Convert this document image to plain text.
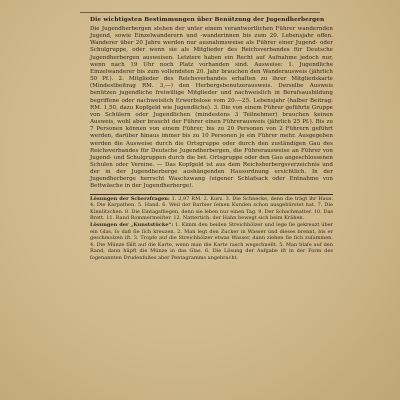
Die wichtigsten Bestimmungen über Benützung der Jugendherbergen

Die Jugendherbergen stehen der unter einem verantwortlichen Führer wandernden Jugend, sowie Einzelwanderern und -wanderinnen bis zum 20. Lebensjahr offen. Wanderer über 20 Jahre werden nur ausnahmsweise als Führer einer Jugend- oder Schulgruppe, oder wenn sie als Mitglieder des Reichsverbandes für Deutsche Jugendherbergen ausweisen. Letztere haben ein Recht auf Aufnahme jedoch nur, wenn nach 19 Uhr noch Platz vorhanden sind. Ausweise: 1. Jugendliche Einzelwanderer bis zum vollendeten 20. Jahr brauchen den Wanderausweis (jährlich 50 Pf.). 2. Mitglieder des Reichsverbandes erhalten zu ihrer Mitgliedskarte (Mindestbeitrag RM. 3,—) den Herbergsbenutzerausweis. Derselbe Ausweis benützen jugendliche freiwillige Mitglieder und nachweislich in Berufsausbildung begriffene oder nachweislich Erwerbslose vom 20.—25. Lebensjahr (halber Beitrag: RM. 1,50, dazu Kopfgeld wie Jugendliche). 3. Die von einem Führer geführte Gruppe von Schülern oder Jugendlichen (mindestens 3 Teilnehmer) brauchen keinen Ausweis, wohl aber braucht der Führer einen Führerausweis (jährlich 25 Pf.). Bis zu 7 Personen können von einem Führer, bis zu 20 Personen von 2 Führern geführt werden, darüber hinaus immer bis zu 10 Personen je ein Führer mehr. Ausgegeben werden die Ausweise durch die Ortsgruppe oder durch den zuständigen Gau des Reichsverbandes für Deutsche Jugendherbergen, die Führerausweise an Führer von Jugend- und Schulgruppen durch die bet. Ortsgruppe oder den Gau angeschlossenen Schulen oder Vereine. — Das Kopfgeld ist aus dem Reichsherbergsverzeichnis und der in der Jugendherberge aushängenden Hausordnung ersichtlich. In der Jugendherberge herrscht Waschzwang (eigener Schlafsack oder Entnahme von Bettwäsche in der Jugendherberge).

Lösungen der Scherzfragen: 1. 2,97 RM. 2. Kurz. 3. Die Schnecke, denn die trägt ihr Haus. 4. Die Karpathen. 5. Hand. 6. Weil der Barbier ſeinen Kunden schon ausgebürstet hat. 7. Die Kinnlitzchen. 8. Die Eintagsfliegen, denn sie leben nur einen Tag. 9. Der Schachmatter. 10. Das Brett. 11. Rand Rommermeiſter. 12. Nattertich; der Hahn bewegt sich beim Krähen.

Lösungen der „Kunststücke“: 1. Kimm den beiden Streichhölzer und lege ſie gekreuzt über ein Glas, ſo daß ſie ſich kreuzen. 2. Man legt den Zucker in Wasser und dieses brennt, bis er geschmolzen iſt. 3. Tropfe auf die Streichhölzer etwas Wasser, dann ziehen ſie ſich zuſammen. 4. Die Münze fällt auf die Karte, wenn man die Karte rasch wegschnellt. 5. Man blaſe auf den Rand, dann hüpft die Münze in das Glas. 6. Die Lösung der Aufgabe iſt in der Form des ſogenannten Drudenfußes aber Pentagramms angebracht.
